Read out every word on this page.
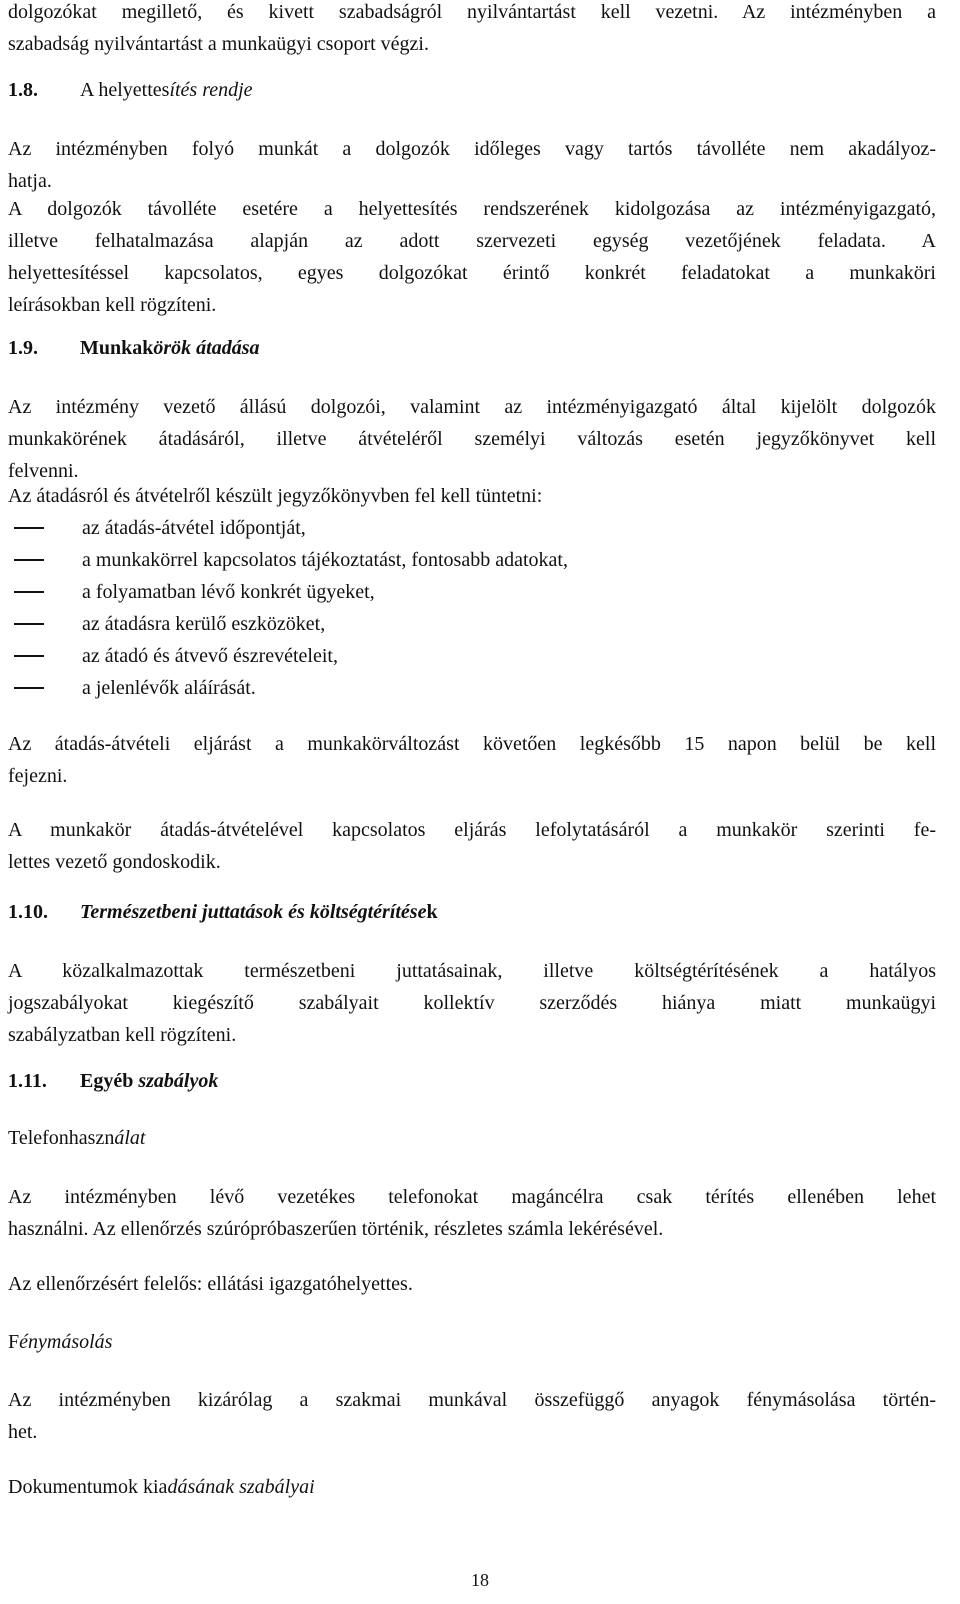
dolgozókat megillető, és kivett szabadságról nyilvántartást kell vezetni. Az intézményben a
szabadság nyilvántartást a munkaügyi csoport végzi.

1.8. A helyettesítés rendje

Az intézményben folyó munkát a dolgozók időleges vagy tartós távolléte nem akadályoz-
hatja.

A dolgozók távolléte esetére a helyettesítés rendszerének kidolgozása az intézményigazgató,
illetve felhatalmazása alapján az adott szervezeti egység vezetőjének feladata. A
helyettesítéssel kapcsolatos, egyes dolgozókat érintő konkrét feladatokat a munkaköri
leírásokban kell rögzíteni.

1.9. Munkakörök átadása

Az intézmény vezető állású dolgozói, valamint az intézményigazgató által kijelölt dolgozók
munkakörének átadásáról, illetve átvételéről személyi változás esetén jegyzőkönyvet kell
felvenni.

Az átadásról és átvételről készült jegyzőkönyvben fel kell tüntetni:

az átadás-átvétel időpontját,
a munkakörrel kapcsolatos tájékoztatást, fontosabb adatokat,
a folyamatban lévő konkrét ügyeket,
az átadásra kerülő eszközöket,
az átadó és átvevő észrevételeit,
a jelenlévők aláírását.

Az átadás-átvételi eljárást a munkakörváltozást követően legkésőbb 15 napon belül be kell
fejezni.

A munkakör átadás-átvételével kapcsolatos eljárás lefolytatásáról a munkakör szerinti fe-
lettes vezető gondoskodik.

1.10. Természetbeni juttatások és költségtérítések

A közalkalmazottak természetbeni juttatásainak, illetve költségtérítésének a hatályos
jogszabályokat kiegészítő szabályait kollektív szerződés hiánya miatt munkaügyi
szabályzatban kell rögzíteni.

1.11. Egyéb szabályok
Telefonhasználat

Az intézményben lévő vezetékes telefonokat magáncélra csak térítés ellenében lehet
használni. Az ellenőrzés szúrópróbaszerűen történik, részletes számla lekérésével.

Az ellenőrzésért felelős: ellátási igazgatóhelyettes.

Fénymásolás

Az intézményben kizárólag a szakmai munkával összefüggő anyagok fénymásolása történ-
het.

Dokumentumok kiadásának szabályai
18
